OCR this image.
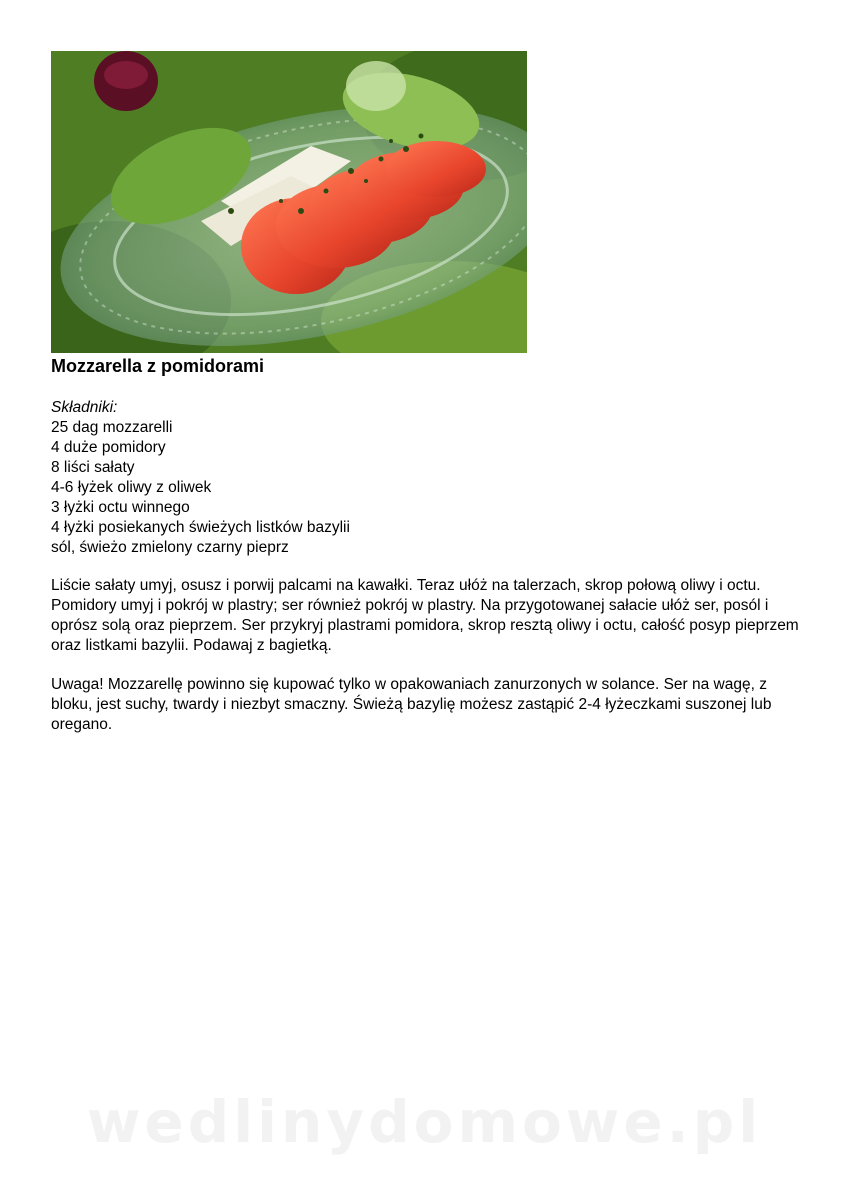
Mozzarella z pomidorami
Składniki:
25 dag mozzarelli
4 duże pomidory
8 liści sałaty
4-6 łyżek oliwy z oliwek
3 łyżki octu winnego
4 łyżki posiekanych świeżych listków bazylii
sól, świeżo zmielony czarny pieprz

Liście sałaty umyj, osusz i porwij palcami na kawałki. Teraz ułóż na talerzach, skrop połową oliwy i octu. Pomidory umyj i pokrój w plastry; ser również pokrój w plastry. Na przygotowanej sałacie ułóż ser, posól i oprósz solą oraz pieprzem. Ser przykryj plastrami pomidora, skrop resztą oliwy i octu, całość posyp pieprzem oraz listkami bazylii. Podawaj z bagietką.

Uwaga! Mozzarellę powinno się kupować tylko w opakowaniach zanurzonych w solance. Ser na wagę, z bloku, jest suchy, twardy i niezbyt smaczny. Świeżą bazylię możesz zastąpić 2-4 łyżeczkami suszonej lub oregano.

wedlinydomowe.pl
